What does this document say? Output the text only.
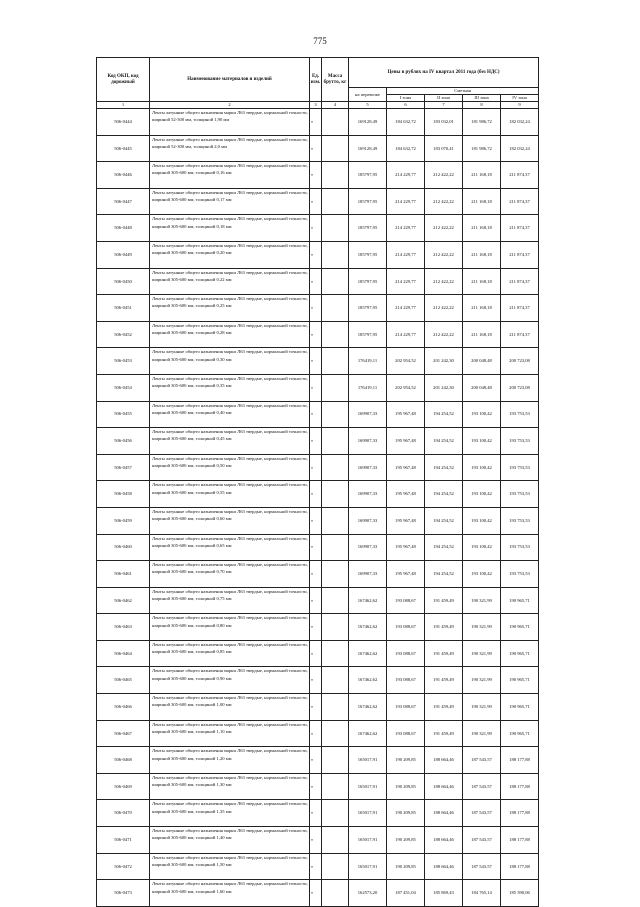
775
Код ОКП, код дорожный	Наименование материалов и изделий	Ед. изм.	Масса брутто, кг	Цены в рублях на IV квартал 2011 года (без НДС)				
				на перевозке	Сметная			
					I зона	II зона	III зона	IV зона
1	2	3	4	5	6	7	8	9
506-0444	Ленты латунные общего назначения марки Л63 твердые, нормальной точности, шириной 52-300 мм, толщиной 1,90 мм	т		169128,49	184 632,72	183 032,01	181 986,72	182 032,24
506-0445	Ленты латунные общего назначения марки Л63 твердые, нормальной точности, шириной 52-300 мм, толщиной 2,0 мм	т		169128,49	184 632,72	183 070,41	181 986,72	182 032,24
506-0446	Ленты латунные общего назначения марки Л63 твердые, нормальной точности, шириной 305-600 мм, толщиной 0,16 мм	т		185797,95	214 229,77	212 422,22	211 168,18	211 874,37
506-0447	Ленты латунные общего назначения марки Л63 твердые, нормальной точности, шириной 305-600 мм, толщиной 0,17 мм	т		185797,95	214 229,77	212 422,22	211 168,18	211 874,37
506-0448	Ленты латунные общего назначения марки Л63 твердые, нормальной точности, шириной 305-600 мм, толщиной 0,18 мм	т		185797,95	214 229,77	212 422,22	211 168,18	211 874,37
506-0449	Ленты латунные общего назначения марки Л63 твердые, нормальной точности, шириной 305-600 мм, толщиной 0,20 мм	т		185797,95	214 229,77	212 422,22	211 168,18	211 874,37
506-0450	Ленты латунные общего назначения марки Л63 твердые, нормальной точности, шириной 305-600 мм, толщиной 0,22 мм	т		185797,95	214 229,77	212 422,22	211 168,18	211 874,37
506-0451	Ленты латунные общего назначения марки Л63 твердые, нормальной точности, шириной 305-600 мм, толщиной 0,25 мм	т		185797,95	214 229,77	212 422,22	211 168,18	211 874,37
506-0452	Ленты латунные общего назначения марки Л63 твердые, нормальной точности, шириной 305-600 мм, толщиной 0,28 мм	т		185797,95	214 229,77	212 422,22	211 168,18	211 874,37
506-0453	Ленты латунные общего назначения марки Л63 твердые, нормальной точности, шириной 305-600 мм, толщиной 0,30 мм	т		176419,11	202 954,52	201 242,30	200 048,48	200 723,08
506-0454	Ленты латунные общего назначения марки Л63 твердые, нормальной точности, шириной 305-600 мм, толщиной 0,35 мм	т		176419,11	202 954,52	201 242,30	200 048,48	200 723,08
506-0455	Ленты латунные общего назначения марки Л63 твердые, нормальной точности, шириной 305-600 мм, толщиной 0,40 мм	т		169907,33	195 967,48	194 254,52	193 100,42	193 753,53
506-0456	Ленты латунные общего назначения марки Л63 твердые, нормальной точности, шириной 305-600 мм, толщиной 0,45 мм	т		169907,33	195 967,48	194 254,52	193 100,42	193 753,53
506-0457	Ленты латунные общего назначения марки Л63 твердые, нормальной точности, шириной 305-600 мм, толщиной 0,50 мм	т		169907,33	195 967,48	194 254,52	193 100,42	193 753,53
506-0458	Ленты латунные общего назначения марки Л63 твердые, нормальной точности, шириной 305-600 мм, толщиной 0,55 мм	т		169907,33	195 967,48	194 254,52	193 100,42	193 753,53
506-0459	Ленты латунные общего назначения марки Л63 твердые, нормальной точности, шириной 305-600 мм, толщиной 0,60 мм	т		169907,33	195 967,48	194 254,52	193 100,42	193 753,53
506-0460	Ленты латунные общего назначения марки Л63 твердые, нормальной точности, шириной 305-600 мм, толщиной 0,65 мм	т		169907,33	195 967,48	194 254,52	193 100,42	193 753,53
506-0461	Ленты латунные общего назначения марки Л63 твердые, нормальной точности, шириной 305-600 мм, толщиной 0,70 мм	т		169907,33	195 967,48	194 254,52	193 100,42	193 753,53
506-0462	Ленты латунные общего назначения марки Л63 твердые, нормальной точности, шириной 305-600 мм, толщиной 0,75 мм	т		167462,62	193 088,67	191 459,49	190 321,99	190 965,71
506-0463	Ленты латунные общего назначения марки Л63 твердые, нормальной точности, шириной 305-600 мм, толщиной 0,80 мм	т		167462,62	193 088,67	191 459,49	190 321,99	190 965,71
506-0464	Ленты латунные общего назначения марки Л63 твердые, нормальной точности, шириной 305-600 мм, толщиной 0,85 мм	т		167462,62	193 088,67	191 459,49	190 321,99	190 965,71
506-0465	Ленты латунные общего назначения марки Л63 твердые, нормальной точности, шириной 305-600 мм, толщиной 0,90 мм	т		167462,62	193 088,67	191 459,49	190 321,99	190 965,71
506-0466	Ленты латунные общего назначения марки Л63 твердые, нормальной точности, шириной 305-600 мм, толщиной 1,00 мм	т		167462,62	193 088,67	191 459,49	190 321,99	190 965,71
506-0467	Ленты латунные общего назначения марки Л63 твердые, нормальной точности, шириной 305-600 мм, толщиной 1,10 мм	т		167462,62	193 088,67	191 459,49	190 321,99	190 965,71
506-0468	Ленты латунные общего назначения марки Л63 твердые, нормальной точности, шириной 305-600 мм, толщиной 1,20 мм	т		165017,91	190 209,85	188 664,46	187 543,57	188 177,88
506-0469	Ленты латунные общего назначения марки Л63 твердые, нормальной точности, шириной 305-600 мм, толщиной 1,30 мм	т		165017,91	190 209,85	188 664,46	187 543,57	188 177,88
506-0470	Ленты латунные общего назначения марки Л63 твердые, нормальной точности, шириной 305-600 мм, толщиной 1,35 мм	т		165017,91	190 209,85	188 664,46	187 543,57	188 177,88
506-0471	Ленты латунные общего назначения марки Л63 твердые, нормальной точности, шириной 305-600 мм, толщиной 1,40 мм	т		165017,91	190 209,85	188 664,46	187 543,57	188 177,88
506-0472	Ленты латунные общего назначения марки Л63 твердые, нормальной точности, шириной 305-600 мм, толщиной 1,50 мм	т		165017,91	190 209,85	188 664,46	187 543,57	188 177,88
506-0473	Ленты латунные общего назначения марки Л63 твердые, нормальной точности, шириной 305-600 мм, толщиной 1,60 мм	т		162573,20	187 451,04	185 869,43	184 765,14	185 390,06
